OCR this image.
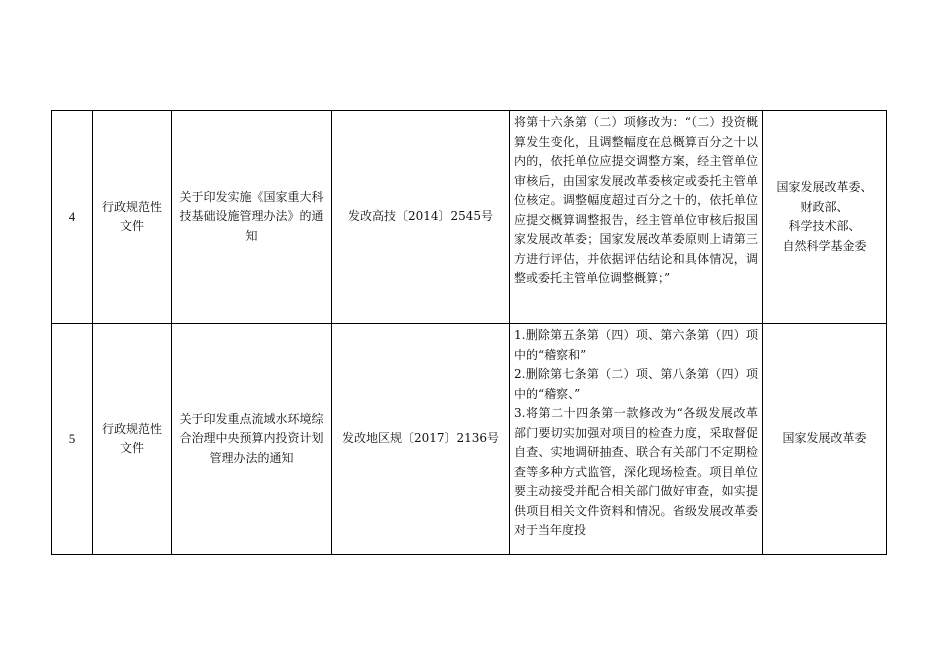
4	行政规范性文件	关于印发实施《国家重大科技基础设施管理办法》的通知	发改高技〔2014〕2545号	将第十六条第（二）项修改为：“（二）投资概算发生变化，且调整幅度在总概算百分之十以内的，依托单位应提交调整方案，经主管单位审核后，由国家发展改革委核定或委托主管单位核定。调整幅度超过百分之十的，依托单位应提交概算调整报告，经主管单位审核后报国家发展改革委；国家发展改革委原则上请第三方进行评估，并依据评估结论和具体情况，调整或委托主管单位调整概算；”	国家发展改革委、
财政部、
科学技术部、
自然科学基金委

5	行政规范性文件	关于印发重点流域水环境综合治理中央预算内投资计划管理办法的通知	发改地区规〔2017〕2136号	1.删除第五条第（四）项、第六条第（四）项中的“稽察和”
2.删除第七条第（二）项、第八条第（四）项中的“稽察、”
3.将第二十四条第一款修改为“各级发展改革部门要切实加强对项目的检查力度，采取督促自查、实地调研抽查、联合有关部门不定期检查等多种方式监管，深化现场检查。项目单位要主动接受并配合相关部门做好审查，如实提供项目相关文件资料和情况。省级发展改革委对于当年度投	国家发展改革委
